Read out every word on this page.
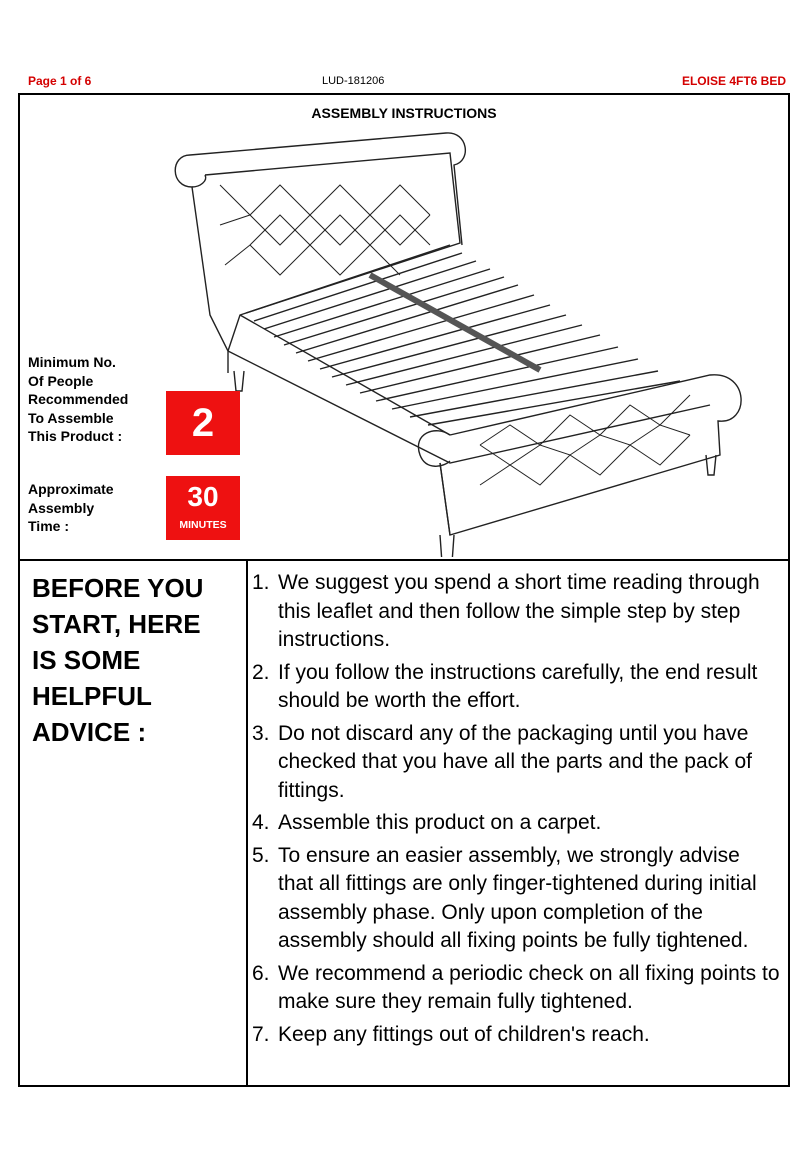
Page 1 of 6	LUD-181206	ELOISE 4FT6 BED
ASSEMBLY INSTRUCTIONS
Minimum No.
Of People
Recommended
To Assemble
This Product :	2
Approximate
Assembly
Time :
30
MINUTES
BEFORE YOU
START, HERE
IS SOME
HELPFUL
ADVICE :
1. We suggest you spend a short time reading through this leaflet and then follow the simple step by step instructions.
2. If you follow the instructions carefully, the end result should be worth the effort.
3. Do not discard any of the packaging until you have checked that you have all the parts and the pack of fittings.
4. Assemble this product on a carpet.
5. To ensure an easier assembly, we strongly advise that all fittings are only finger-tightened during initial assembly phase. Only upon completion of the assembly should all fixing points be fully tightened.
6. We recommend a periodic check on all fixing points to make sure they remain fully tightened.
7. Keep any fittings out of children's reach.
